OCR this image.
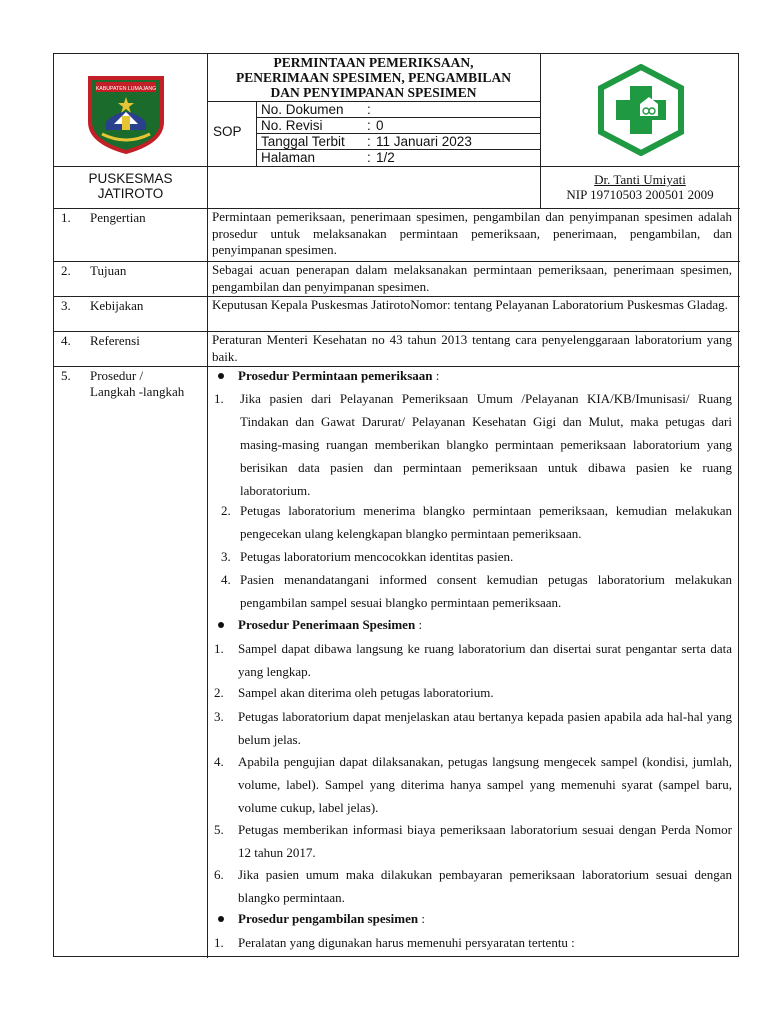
KABUPATEN LUMAJANG
PERMINTAAN PEMERIKSAAN,
PENERIMAAN SPESIMEN, PENGAMBILAN
DAN PENYIMPANAN SPESIMEN
SOP
No. Dokumen :
No. Revisi	: 0
Tanggal Terbit : 11 Januari 2023
Halaman	: 1/2
PUSKESMAS
JATIROTO
Dr. Tanti Umiyati
NIP 19710503 200501 2009
1. Pengertian	Permintaan pemeriksaan, penerimaan spesimen, pengambilan dan penyimpanan spesimen adalah prosedur untuk melaksanakan permintaan pemeriksaan, penerimaan, pengambilan, dan penyimpanan spesimen.
2. Tujuan	Sebagai acuan penerapan dalam melaksanakan permintaan pemeriksaan, penerimaan spesimen, pengambilan dan penyimpanan spesimen.
3. Kebijakan	Keputusan Kepala Puskesmas JatirotoNomor: tentang Pelayanan Laboratorium Puskesmas Gladag.
4. Referensi	Peraturan Menteri Kesehatan no 43 tahun 2013 tentang cara penyelenggaraan laboratorium yang baik.
5. Prosedur /
Langkah -langkah
Prosedur Permintaan pemeriksaan :
1. Jika pasien dari Pelayanan Pemeriksaan Umum /Pelayanan KIA/KB/Imunisasi/ Ruang Tindakan dan Gawat Darurat/ Pelayanan Kesehatan Gigi dan Mulut, maka petugas dari masing-masing ruangan memberikan blangko permintaan pemeriksaan laboratorium yang berisikan data pasien dan permintaan pemeriksaan untuk dibawa pasien ke ruang laboratorium.
2. Petugas laboratorium menerima blangko permintaan pemeriksaan, kemudian melakukan pengecekan ulang kelengkapan blangko permintaan pemeriksaan.
3. Petugas laboratorium mencocokkan identitas pasien.
4. Pasien menandatangani informed consent kemudian petugas laboratorium melakukan pengambilan sampel sesuai blangko permintaan pemeriksaan.
Prosedur Penerimaan Spesimen :
1. Sampel dapat dibawa langsung ke ruang laboratorium dan disertai surat pengantar serta data yang lengkap.
2. Sampel akan diterima oleh petugas laboratorium.
3. Petugas laboratorium dapat menjelaskan atau bertanya kepada pasien apabila ada hal-hal yang belum jelas.
4. Apabila pengujian dapat dilaksanakan, petugas langsung mengecek sampel (kondisi, jumlah, volume, label). Sampel yang diterima hanya sampel yang memenuhi syarat (sampel baru, volume cukup, label jelas).
5. Petugas memberikan informasi biaya pemeriksaan laboratorium sesuai dengan Perda Nomor 12 tahun 2017.
6. Jika pasien umum maka dilakukan pembayaran pemeriksaan laboratorium sesuai dengan blangko permintaan.
Prosedur pengambilan spesimen :
1. Peralatan yang digunakan harus memenuhi persyaratan tertentu :
